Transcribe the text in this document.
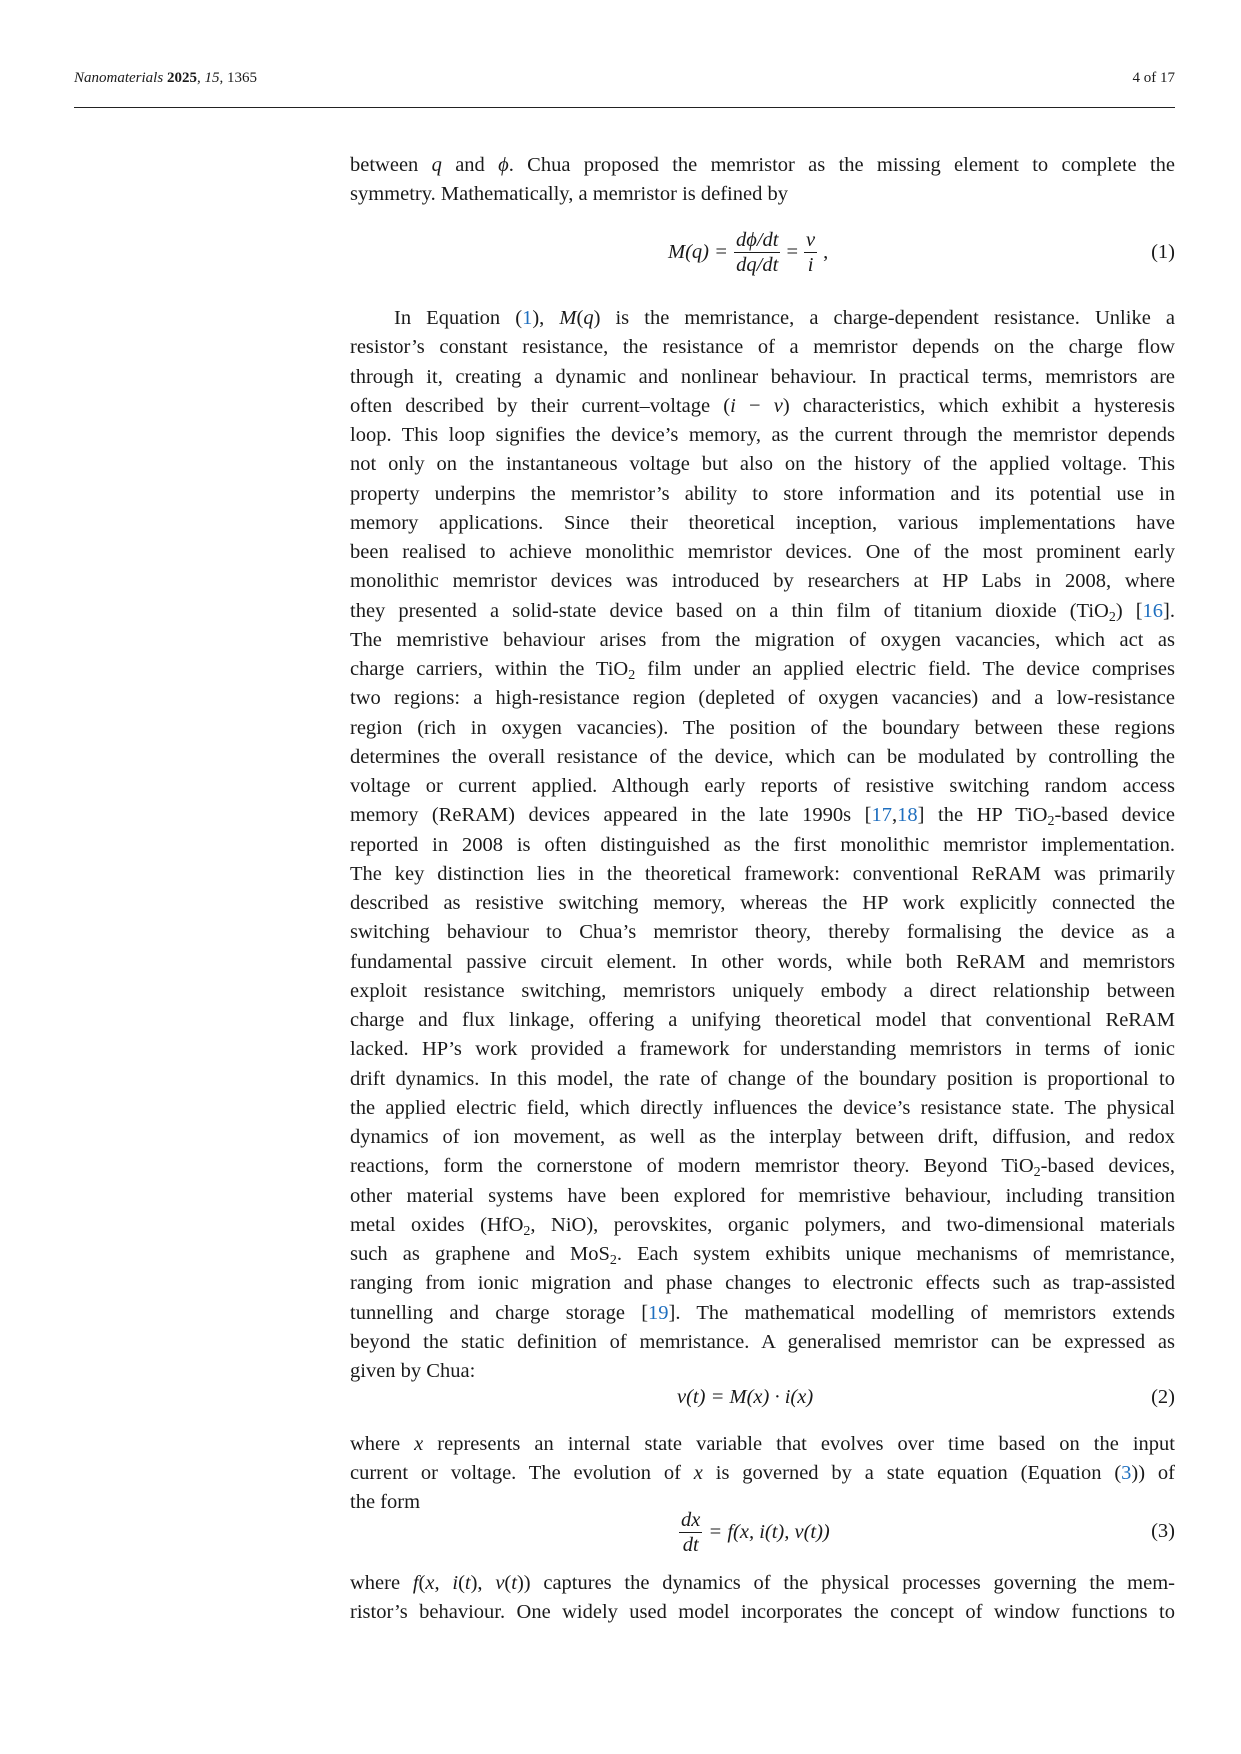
Nanomaterials 2025, 15, 1365	4 of 17
between q and ϕ. Chua proposed the memristor as the missing element to complete the
symmetry. Mathematically, a memristor is defined by
$M(q) = \frac{d\phi/dt}{dq/dt} = \frac{v}{i}$ ,	(1)
In Equation (1), M(q) is the memristance, a charge-dependent resistance. Unlike a
resistor’s constant resistance, the resistance of a memristor depends on the charge flow
through it, creating a dynamic and nonlinear behaviour. In practical terms, memristors are
often described by their current–voltage (i − v) characteristics, which exhibit a hysteresis
loop. This loop signifies the device’s memory, as the current through the memristor depends
not only on the instantaneous voltage but also on the history of the applied voltage. This
property underpins the memristor’s ability to store information and its potential use in
memory applications. Since their theoretical inception, various implementations have
been realised to achieve monolithic memristor devices. One of the most prominent early
monolithic memristor devices was introduced by researchers at HP Labs in 2008, where
they presented a solid-state device based on a thin film of titanium dioxide (TiO$_2$) [16].
The memristive behaviour arises from the migration of oxygen vacancies, which act as
charge carriers, within the TiO$_2$ film under an applied electric field. The device comprises
two regions: a high-resistance region (depleted of oxygen vacancies) and a low-resistance
region (rich in oxygen vacancies). The position of the boundary between these regions
determines the overall resistance of the device, which can be modulated by controlling the
voltage or current applied. Although early reports of resistive switching random access
memory (ReRAM) devices appeared in the late 1990s [17,18] the HP TiO$_2$-based device
reported in 2008 is often distinguished as the first monolithic memristor implementation.
The key distinction lies in the theoretical framework: conventional ReRAM was primarily
described as resistive switching memory, whereas the HP work explicitly connected the
switching behaviour to Chua’s memristor theory, thereby formalising the device as a
fundamental passive circuit element. In other words, while both ReRAM and memristors
exploit resistance switching, memristors uniquely embody a direct relationship between
charge and flux linkage, offering a unifying theoretical model that conventional ReRAM
lacked. HP’s work provided a framework for understanding memristors in terms of ionic
drift dynamics. In this model, the rate of change of the boundary position is proportional to
the applied electric field, which directly influences the device’s resistance state. The physical
dynamics of ion movement, as well as the interplay between drift, diffusion, and redox
reactions, form the cornerstone of modern memristor theory. Beyond TiO$_2$-based devices,
other material systems have been explored for memristive behaviour, including transition
metal oxides (HfO$_2$, NiO), perovskites, organic polymers, and two-dimensional materials
such as graphene and MoS$_2$. Each system exhibits unique mechanisms of memristance,
ranging from ionic migration and phase changes to electronic effects such as trap-assisted
tunnelling and charge storage [19]. The mathematical modelling of memristors extends
beyond the static definition of memristance. A generalised memristor can be expressed as
given by Chua:
v(t) = M(x) · i(x)	(2)
where x represents an internal state variable that evolves over time based on the input
current or voltage. The evolution of x is governed by a state equation (Equation (3)) of
the form
$\frac{dx}{dt} = f(x$, i(t), v(t))	(3)
where f(x, i(t), v(t)) captures the dynamics of the physical processes governing the mem-
ristor’s behaviour. One widely used model incorporates the concept of window functions to
